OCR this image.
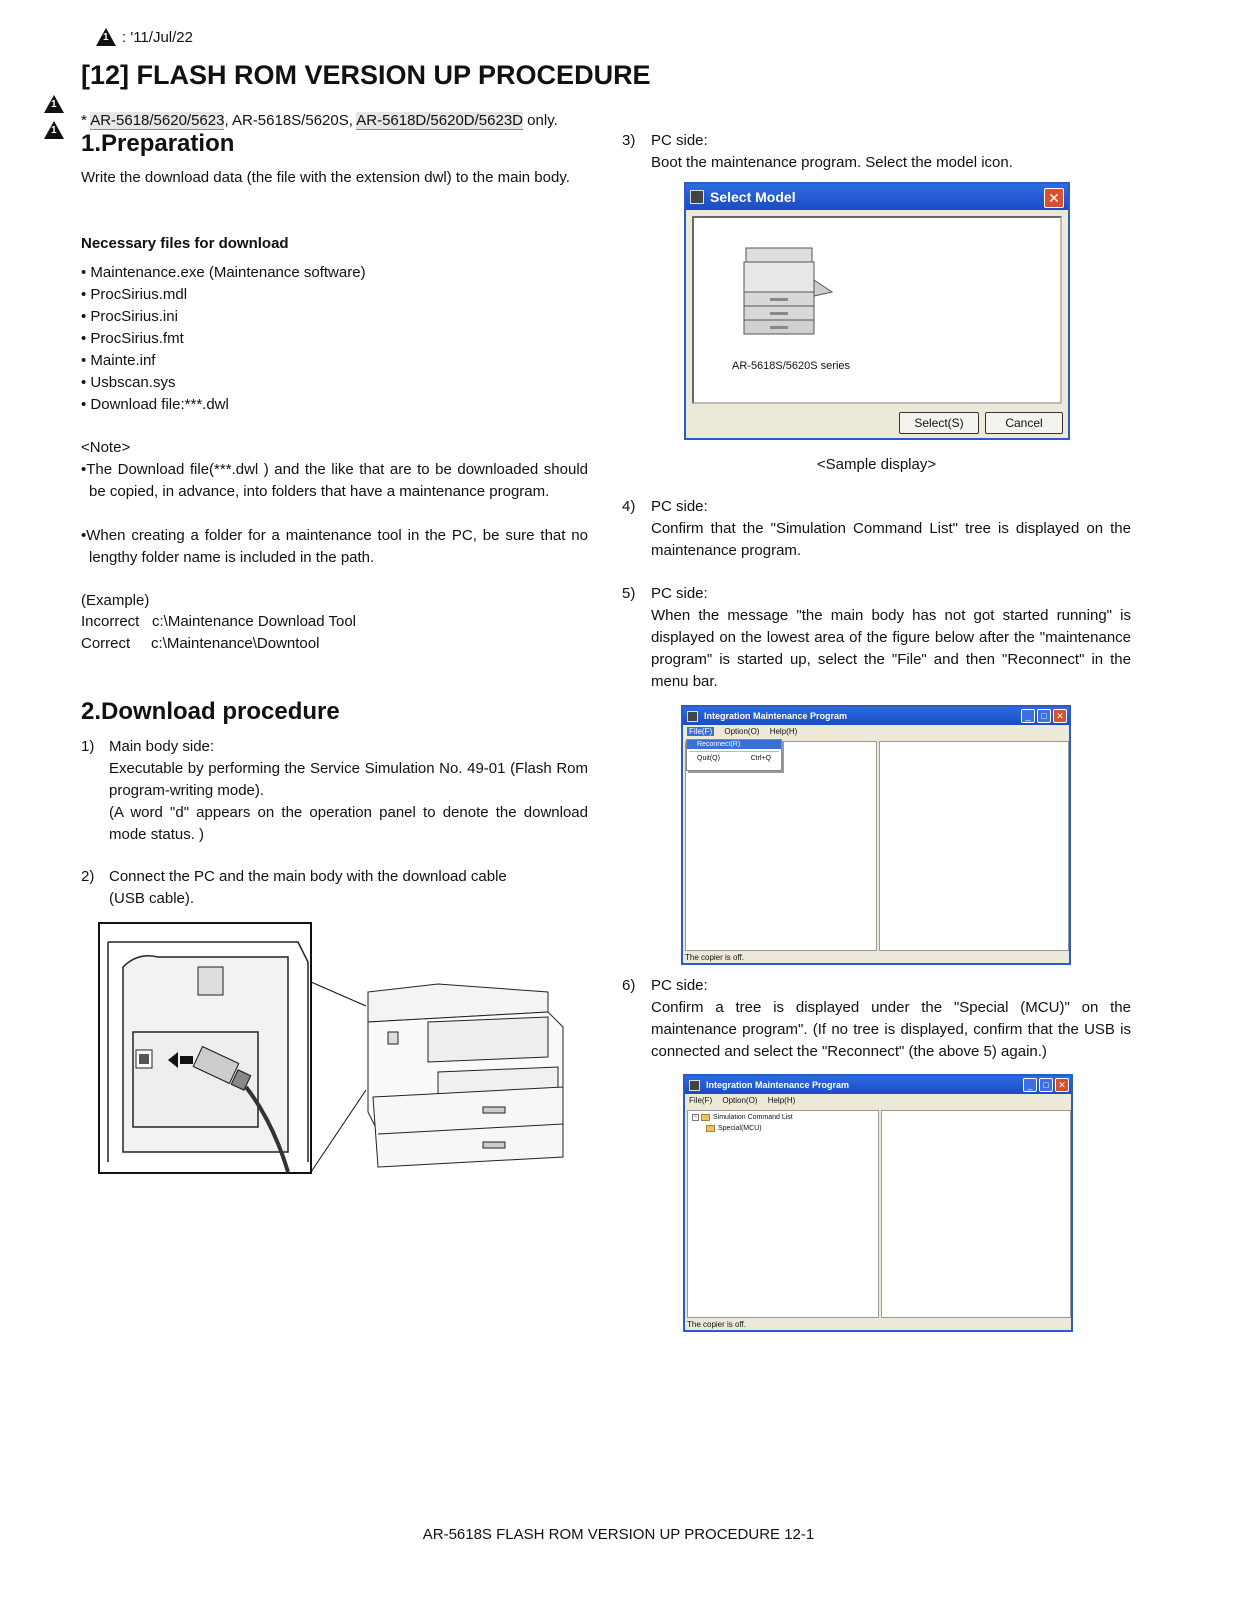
1 : '11/Jul/22
[12] FLASH ROM VERSION UP PROCEDURE
1
1
* AR-5618/5620/5623, AR-5618S/5620S, AR-5618D/5620D/5623D only.
1.Preparation
Write the download data (the file with the extension dwl) to the main body.
Necessary files for download
• Maintenance.exe (Maintenance software)
• ProcSirius.mdl
• ProcSirius.ini
• ProcSirius.fmt
• Mainte.inf
• Usbscan.sys
• Download file:***.dwl
<Note>
•The Download file(***.dwl ) and the like that are to be downloaded should be copied, in advance, into folders that have a maintenance program.
•When creating a folder for a maintenance tool in the PC, be sure that no lengthy folder name is included in the path.
(Example)
Incorrect c:\Maintenance Download Tool
Correct c:\Maintenance\Downtool
2.Download procedure
1) Main body side:
Executable by performing the Service Simulation No. 49-01 (Flash Rom program-writing mode).
(A word "d" appears on the operation panel to denote the download mode status. )
2) Connect the PC and the main body with the download cable
(USB cable).
3) PC side:
Boot the maintenance program. Select the model icon.
Select Model	✕
AR-5618S/5620S series
Select(S)	Cancel
<Sample display>
4) PC side:
Confirm that the "Simulation Command List" tree is displayed on the maintenance program.
5) PC side:
When the message "the main body has not got started running" is displayed on the lowest area of the figure below after the "maintenance program" is started up, select the "File" and then "Reconnect" in the menu bar.
Integration Maintenance Program	_	□	✕
File(F) Option(O) Help(H)
Reconnect(R)
Quit(Q)	Ctrl+Q
The copier is off.
6) PC side:
Confirm a tree is displayed under the "Special (MCU)" on the maintenance program". (If no tree is displayed, confirm that the USB is connected and select the "Reconnect" (the above 5) again.)
Integration Maintenance Program	_	□	✕
File(F) Option(O) Help(H)
− Simulation Command List
Special(MCU)
The copier is off.
AR-5618S FLASH ROM VERSION UP PROCEDURE 12-1
